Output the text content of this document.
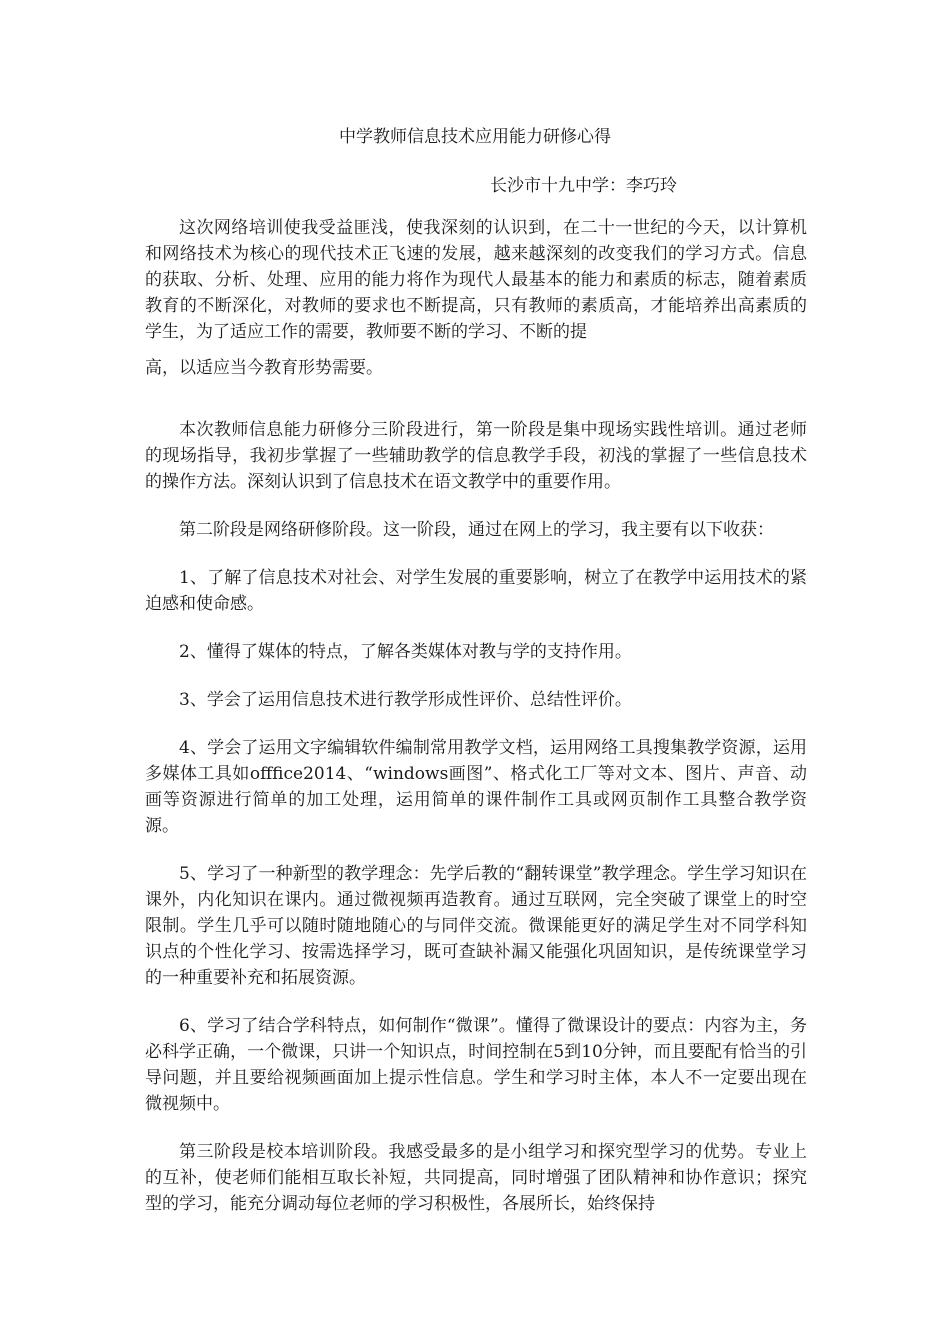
中学教师信息技术应用能力研修心得

长沙市十九中学：李巧玲

这次网络培训使我受益匪浅，使我深刻的认识到，在二十一世纪的今天，以计算机和网络技术为核心的现代技术正飞速的发展，越来越深刻的改变我们的学习方式。信息的获取、分析、处理、应用的能力将作为现代人最基本的能力和素质的标志，随着素质教育的不断深化，对教师的要求也不断提高，只有教师的素质高，才能培养出高素质的学生，为了适应工作的需要，教师要不断的学习、不断的提

高，以适应当今教育形势需要。

本次教师信息能力研修分三阶段进行，第一阶段是集中现场实践性培训。通过老师的现场指导，我初步掌握了一些辅助教学的信息教学手段，初浅的掌握了一些信息技术的操作方法。深刻认识到了信息技术在语文教学中的重要作用。

第二阶段是网络研修阶段。这一阶段，通过在网上的学习，我主要有以下收获：

1、了解了信息技术对社会、对学生发展的重要影响，树立了在教学中运用技术的紧迫感和使命感。

2、懂得了媒体的特点，了解各类媒体对教与学的支持作用。

3、学会了运用信息技术进行教学形成性评价、总结性评价。

4、学会了运用文字编辑软件编制常用教学文档，运用网络工具搜集教学资源，运用多媒体工具如offfice2014、“windows画图”、格式化工厂等对文本、图片、声音、动画等资源进行简单的加工处理，运用简单的课件制作工具或网页制作工具整合教学资源。

5、学习了一种新型的教学理念：先学后教的“翻转课堂”教学理念。学生学习知识在课外，内化知识在课内。通过微视频再造教育。通过互联网，完全突破了课堂上的时空限制。学生几乎可以随时随地随心的与同伴交流。微课能更好的满足学生对不同学科知识点的个性化学习、按需选择学习，既可查缺补漏又能强化巩固知识，是传统课堂学习的一种重要补充和拓展资源。

6、学习了结合学科特点，如何制作“微课”。懂得了微课设计的要点：内容为主，务必科学正确，一个微课，只讲一个知识点，时间控制在5到10分钟，而且要配有恰当的引导问题，并且要给视频画面加上提示性信息。学生和学习时主体，本人不一定要出现在微视频中。

第三阶段是校本培训阶段。我感受最多的是小组学习和探究型学习的优势。专业上的互补，使老师们能相互取长补短，共同提高，同时增强了团队精神和协作意识；探究型的学习，能充分调动每位老师的学习积极性，各展所长，始终保持
